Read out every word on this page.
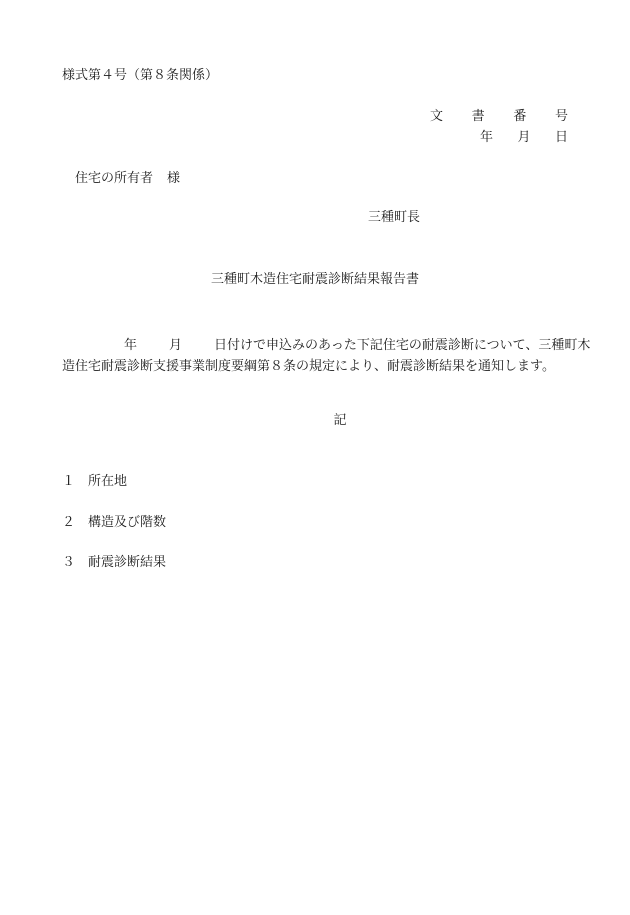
様式第４号（第８条関係）
文 書 番 号
年 月 日
住宅の所有者 様
三種町長
三種町木造住宅耐震診断結果報告書
年 月 日付けで申込みのあった下記住宅の耐震診断について、三種町木
造住宅耐震診断支援事業制度要綱第８条の規定により、耐震診断結果を通知します。
記
１ 所在地
２ 構造及び階数
３ 耐震診断結果
